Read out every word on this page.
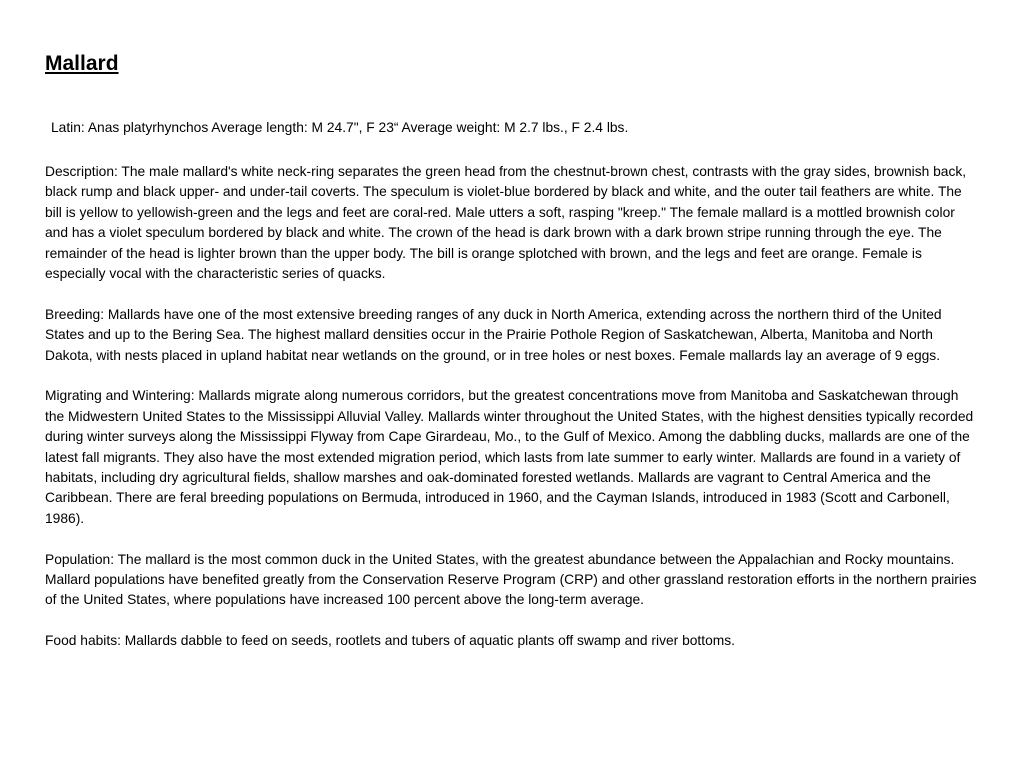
Mallard

Latin: Anas platyrhynchos Average length: M 24.7", F 23“ Average weight: M 2.7 lbs., F 2.4 lbs.

Description: The male mallard's white neck-ring separates the green head from the chestnut-brown chest, contrasts with the gray sides, brownish back, black rump and black upper- and under-tail coverts. The speculum is violet-blue bordered by black and white, and the outer tail feathers are white. The bill is yellow to yellowish-green and the legs and feet are coral-red. Male utters a soft, rasping "kreep." The female mallard is a mottled brownish color and has a violet speculum bordered by black and white. The crown of the head is dark brown with a dark brown stripe running through the eye. The remainder of the head is lighter brown than the upper body. The bill is orange splotched with brown, and the legs and feet are orange. Female is especially vocal with the characteristic series of quacks.

Breeding: Mallards have one of the most extensive breeding ranges of any duck in North America, extending across the northern third of the United States and up to the Bering Sea. The highest mallard densities occur in the Prairie Pothole Region of Saskatchewan, Alberta, Manitoba and North Dakota, with nests placed in upland habitat near wetlands on the ground, or in tree holes or nest boxes. Female mallards lay an average of 9 eggs.

Migrating and Wintering: Mallards migrate along numerous corridors, but the greatest concentrations move from Manitoba and Saskatchewan through the Midwestern United States to the Mississippi Alluvial Valley. Mallards winter throughout the United States, with the highest densities typically recorded during winter surveys along the Mississippi Flyway from Cape Girardeau, Mo., to the Gulf of Mexico. Among the dabbling ducks, mallards are one of the latest fall migrants. They also have the most extended migration period, which lasts from late summer to early winter. Mallards are found in a variety of habitats, including dry agricultural fields, shallow marshes and oak-dominated forested wetlands. Mallards are vagrant to Central America and the Caribbean. There are feral breeding populations on Bermuda, introduced in 1960, and the Cayman Islands, introduced in 1983 (Scott and Carbonell, 1986).

Population: The mallard is the most common duck in the United States, with the greatest abundance between the Appalachian and Rocky mountains. Mallard populations have benefited greatly from the Conservation Reserve Program (CRP) and other grassland restoration efforts in the northern prairies of the United States, where populations have increased 100 percent above the long-term average.

Food habits: Mallards dabble to feed on seeds, rootlets and tubers of aquatic plants off swamp and river bottoms.
